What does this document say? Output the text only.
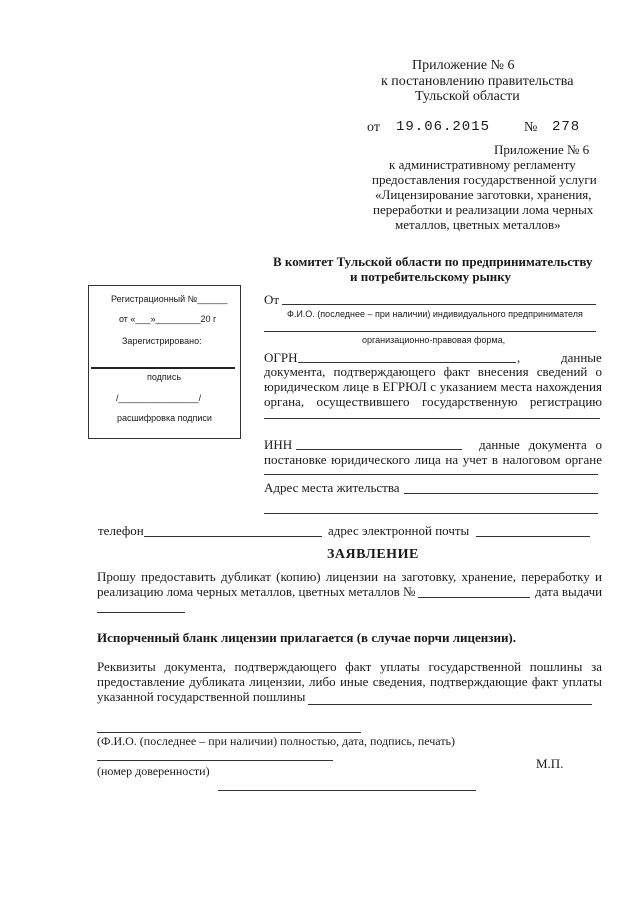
Приложение № 6
к постановлению правительства
Тульской области
от 19.06.2015 № 278
Приложение № 6
к административному регламенту
предоставления государственной услуги
«Лицензирование заготовки, хранения,
переработки и реализации лома черных
металлов, цветных металлов»
В комитет Тульской области по предпринимательству
и потребительскому рынку
Регистрационный №______
от «___»_________20 г
Зарегистрировано:
подпись
/________________/
расшифровка подписи
От
Ф.И.О. (последнее – при наличии) индивидуального предпринимателя
организационно-правовая форма,
ОГРН	,	данные
документа, подтверждающего факт внесения сведений о
юридическом лице в ЕГРЮЛ с указанием места нахождения
органа, осуществившего государственную регистрацию
ИНН	данные документа о
постановке юридического лица на учет в налоговом органе
Адрес места жительства
телефон	адрес электронной почты
ЗАЯВЛЕНИЕ
Прошу предоставить дубликат (копию) лицензии на заготовку, хранение, переработку и
реализацию лома черных металлов, цветных металлов №	дата выдачи
Испорченный бланк лицензии прилагается (в случае порчи лицензии).
Реквизиты документа, подтверждающего факт уплаты государственной пошлины за
предоставление дубликата лицензии, либо иные сведения, подтверждающие факт уплаты
указанной государственной пошлины
(Ф.И.О. (последнее – при наличии) полностью, дата, подпись, печать)
(номер доверенности)	М.П.
